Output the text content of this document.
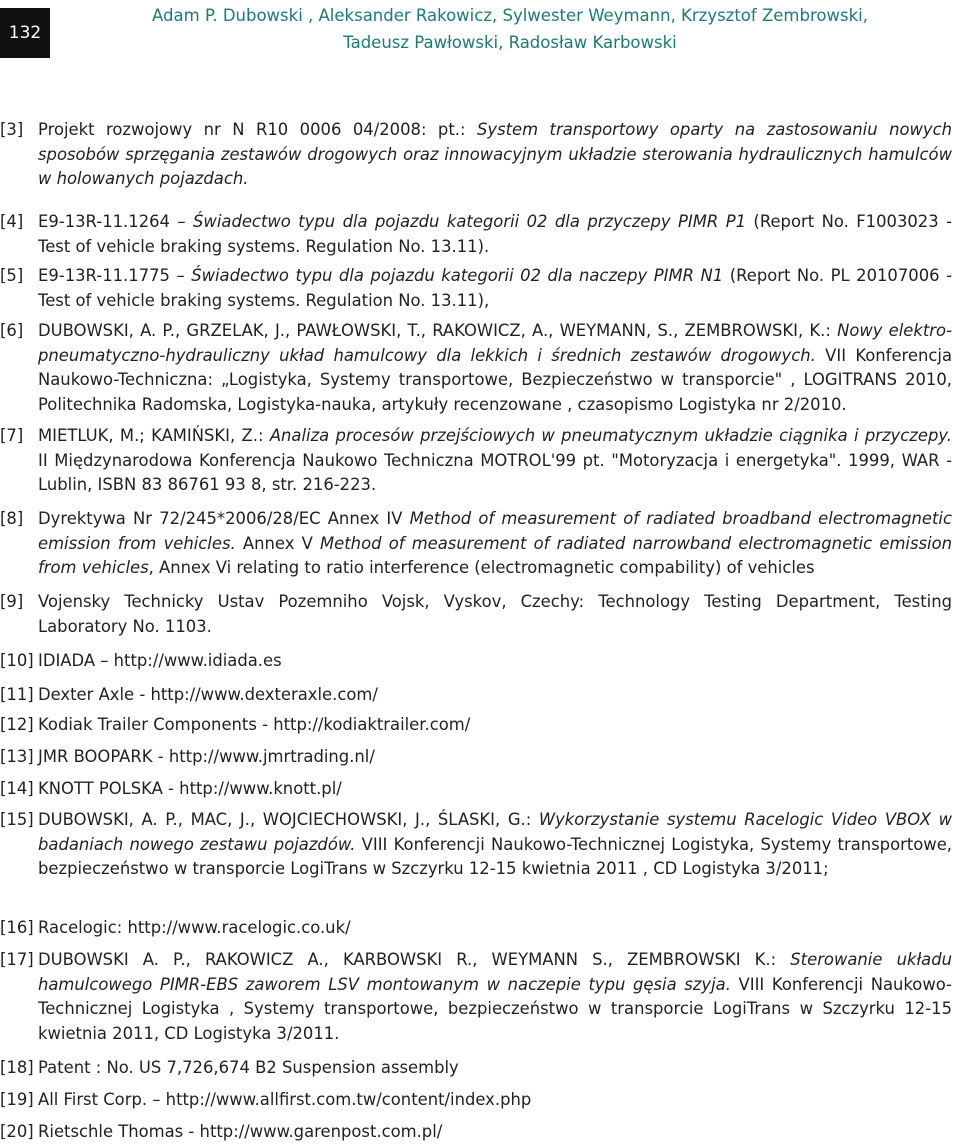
132
Adam P. Dubowski , Aleksander Rakowicz, Sylwester Weymann, Krzysztof Zembrowski,
Tadeusz Pawłowski, Radosław Karbowski
[3] Projekt rozwojowy nr N R10 0006 04/2008: pt.: System transportowy oparty na zastosowaniu nowych sposobów sprzęgania zestawów drogowych oraz innowacyjnym układzie sterowania hydraulicznych hamulców w holowanych pojazdach.
[4] E9-13R-11.1264 – Świadectwo typu dla pojazdu kategorii 02 dla przyczepy PIMR P1 (Report No. F1003023 - Test of vehicle braking systems. Regulation No. 13.11).
[5] E9-13R-11.1775 – Świadectwo typu dla pojazdu kategorii 02 dla naczepy PIMR N1 (Report No. PL 20107006 - Test of vehicle braking systems. Regulation No. 13.11),
[6] DUBOWSKI, A. P., GRZELAK, J., PAWŁOWSKI, T., RAKOWICZ, A., WEYMANN, S., ZEMBROWSKI, K.: Nowy elektro-pneumatyczno-hydrauliczny układ hamulcowy dla lekkich i średnich zestawów drogowych. VII Konferencja Naukowo-Techniczna: „Logistyka, Systemy transportowe, Bezpieczeństwo w transporcie" , LOGITRANS 2010, Politechnika Radomska, Logistyka-nauka, artykuły recenzowane , czasopismo Logistyka nr 2/2010.
[7] MIETLUK, M.; KAMIŃSKI, Z.: Analiza procesów przejściowych w pneumatycznym układzie ciągnika i przyczepy. II Międzynarodowa Konferencja Naukowo Techniczna MOTROL'99 pt. "Motoryzacja i energetyka". 1999, WAR -Lublin, ISBN 83 86761 93 8, str. 216-223.
[8] Dyrektywa Nr 72/245*2006/28/EC Annex IV Method of measurement of radiated broadband electromagnetic emission from vehicles. Annex V Method of measurement of radiated narrowband electromagnetic emission from vehicles, Annex Vi relating to ratio interference (electromagnetic compability) of vehicles
[9] Vojensky Technicky Ustav Pozemniho Vojsk, Vyskov, Czechy: Technology Testing Department, Testing Laboratory No. 1103.
[10] IDIADA – http://www.idiada.es
[11] Dexter Axle - http://www.dexteraxle.com/
[12] Kodiak Trailer Components - http://kodiaktrailer.com/
[13] JMR BOOPARK - http://www.jmrtrading.nl/
[14] KNOTT POLSKA - http://www.knott.pl/
[15] DUBOWSKI, A. P., MAC, J., WOJCIECHOWSKI, J., ŚLASKI, G.: Wykorzystanie systemu Racelogic Video VBOX w badaniach nowego zestawu pojazdów. VIII Konferencji Naukowo-Technicznej Logistyka, Systemy transportowe, bezpieczeństwo w transporcie LogiTrans w Szczyrku 12-15 kwietnia 2011 , CD Logistyka 3/2011;
[16] Racelogic: http://www.racelogic.co.uk/
[17] DUBOWSKI A. P., RAKOWICZ A., KARBOWSKI R., WEYMANN S., ZEMBROWSKI K.: Sterowanie układu hamulcowego PIMR-EBS zaworem LSV montowanym w naczepie typu gęsia szyja. VIII Konferencji Naukowo-Technicznej Logistyka , Systemy transportowe, bezpieczeństwo w transporcie LogiTrans w Szczyrku 12-15 kwietnia 2011, CD Logistyka 3/2011.
[18] Patent : No. US 7,726,674 B2 Suspension assembly
[19] All First Corp. – http://www.allfirst.com.tw/content/index.php
[20] Rietschle Thomas - http://www.garenpost.com.pl/
